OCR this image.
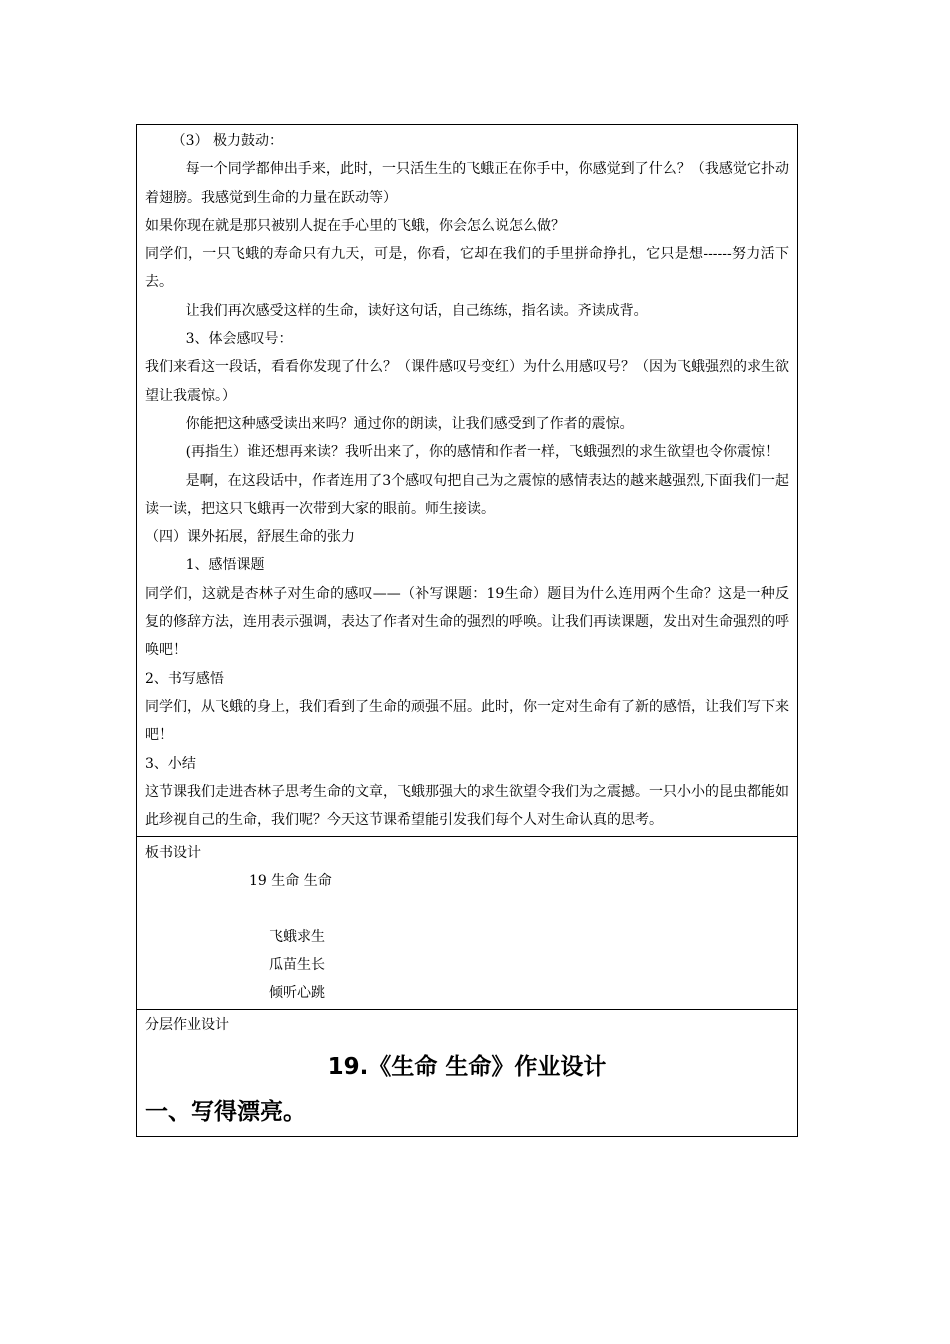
（3） 极力鼓动：

每一个同学都伸出手来，此时，一只活生生的飞蛾正在你手中，你感觉到了什么？（我感觉它扑动着翅膀。我感觉到生命的力量在跃动等）

如果你现在就是那只被别人捉在手心里的飞蛾，你会怎么说怎么做？

同学们，一只飞蛾的寿命只有九天，可是，你看，它却在我们的手里拼命挣扎，它只是想------努力活下去。

让我们再次感受这样的生命，读好这句话，自己练练，指名读。齐读成背。

3、体会感叹号：

我们来看这一段话，看看你发现了什么？（课件感叹号变红）为什么用感叹号？（因为飞蛾强烈的求生欲望让我震惊。）

你能把这种感受读出来吗？通过你的朗读，让我们感受到了作者的震惊。

(再指生）谁还想再来读？我听出来了，你的感情和作者一样，飞蛾强烈的求生欲望也令你震惊！

是啊，在这段话中，作者连用了3个感叹句把自己为之震惊的感情表达的越来越强烈,下面我们一起读一读，把这只飞蛾再一次带到大家的眼前。师生接读。

（四）课外拓展，舒展生命的张力

1、感悟课题

同学们，这就是杏林子对生命的感叹——（补写课题：19生命）题目为什么连用两个生命？这是一种反复的修辞方法，连用表示强调，表达了作者对生命的强烈的呼唤。让我们再读课题，发出对生命强烈的呼唤吧！

2、书写感悟

同学们，从飞蛾的身上，我们看到了生命的顽强不屈。此时，你一定对生命有了新的感悟，让我们写下来吧！

3、小结

这节课我们走进杏林子思考生命的文章，飞蛾那强大的求生欲望令我们为之震撼。一只小小的昆虫都能如此珍视自己的生命，我们呢？今天这节课希望能引发我们每个人对生命认真的思考。

板书设计

19 生命 生命

飞蛾求生

瓜苗生长

倾听心跳

分层作业设计

19.《生命 生命》作业设计

一、写得漂亮。
